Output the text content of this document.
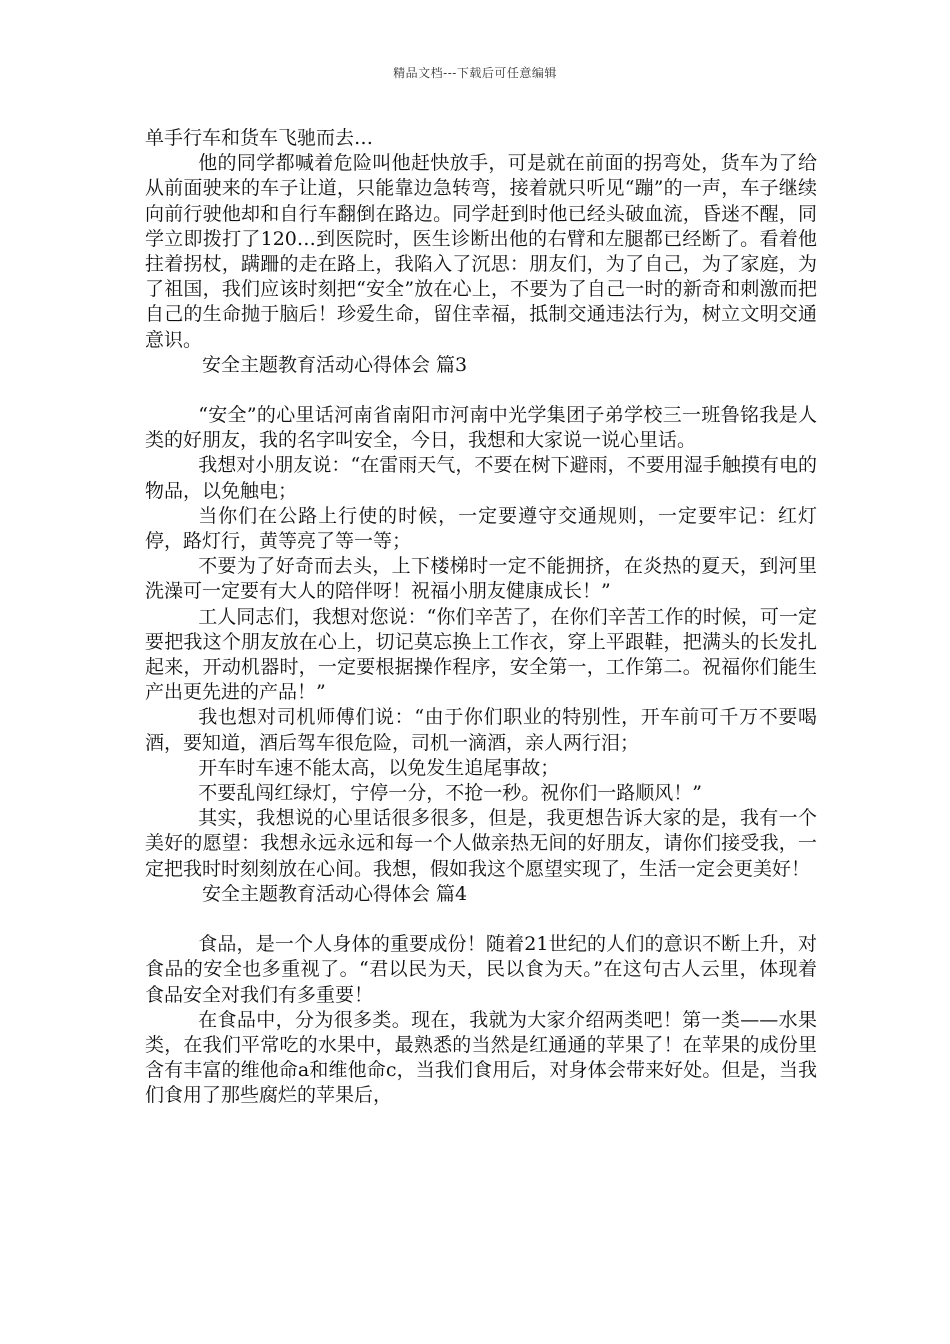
精品文档---下载后可任意编辑

单手行车和货车飞驰而去…

他的同学都喊着危险叫他赶快放手，可是就在前面的拐弯处，货车为了给从前面驶来的车子让道，只能靠边急转弯，接着就只听见“蹦”的一声，车子继续向前行驶他却和自行车翻倒在路边。同学赶到时他已经头破血流，昏迷不醒，同学立即拨打了120…到医院时，医生诊断出他的右臂和左腿都已经断了。看着他拄着拐杖，蹒跚的走在路上，我陷入了沉思：朋友们，为了自己，为了家庭，为了祖国，我们应该时刻把“安全”放在心上，不要为了自己一时的新奇和刺激而把自己的生命抛于脑后！珍爱生命，留住幸福，抵制交通违法行为，树立文明交通意识。

安全主题教育活动心得体会 篇3

“安全”的心里话河南省南阳市河南中光学集团子弟学校三一班鲁铭我是人类的好朋友，我的名字叫安全，今日，我想和大家说一说心里话。

我想对小朋友说：“在雷雨天气，不要在树下避雨，不要用湿手触摸有电的物品，以免触电；

当你们在公路上行使的时候，一定要遵守交通规则，一定要牢记：红灯停，路灯行，黄等亮了等一等；

不要为了好奇而去头，上下楼梯时一定不能拥挤，在炎热的夏天，到河里洗澡可一定要有大人的陪伴呀！祝福小朋友健康成长！”

工人同志们，我想对您说：“你们辛苦了，在你们辛苦工作的时候，可一定要把我这个朋友放在心上，切记莫忘换上工作衣，穿上平跟鞋，把满头的长发扎起来，开动机器时，一定要根据操作程序，安全第一，工作第二。祝福你们能生产出更先进的产品！”

我也想对司机师傅们说：“由于你们职业的特别性，开车前可千万不要喝酒，要知道，酒后驾车很危险，司机一滴酒，亲人两行泪；

开车时车速不能太高，以免发生追尾事故；

不要乱闯红绿灯，宁停一分，不抢一秒。祝你们一路顺风！”

其实，我想说的心里话很多很多，但是，我更想告诉大家的是，我有一个美好的愿望：我想永远永远和每一个人做亲热无间的好朋友，请你们接受我，一定把我时时刻刻放在心间。我想，假如我这个愿望实现了，生活一定会更美好！

安全主题教育活动心得体会 篇4

食品，是一个人身体的重要成份！随着21世纪的人们的意识不断上升，对食品的安全也多重视了。“君以民为天，民以食为天。”在这句古人云里，体现着食品安全对我们有多重要！

在食品中，分为很多类。现在，我就为大家介绍两类吧！第一类——水果类，在我们平常吃的水果中，最熟悉的当然是红通通的苹果了！在苹果的成份里含有丰富的维他命a和维他命c，当我们食用后，对身体会带来好处。但是，当我们食用了那些腐烂的苹果后，
